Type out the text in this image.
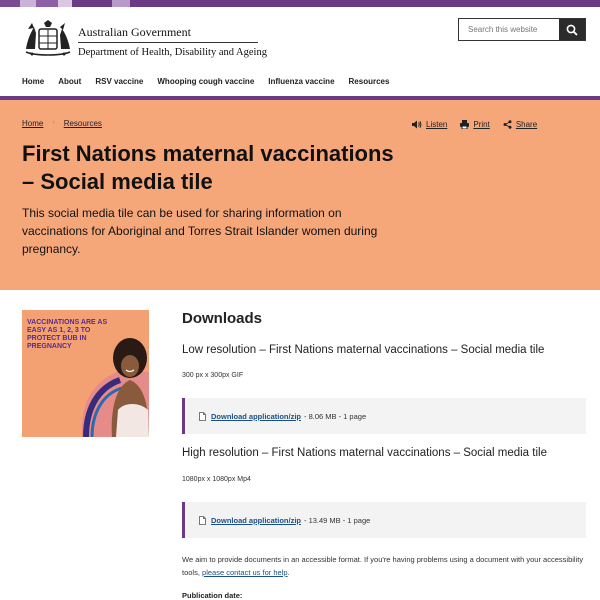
Australian Government
Department of Health, Disability and Ageing
Search this website
Home About RSV vaccine Whooping cough vaccine Influenza vaccine Resources
Home › Resources	Listen	Print	Share
First Nations maternal vaccinations – Social media tile

This social media tile can be used for sharing information on vaccinations for Aboriginal and Torres Strait Islander women during pregnancy.

VACCINATIONS ARE AS EASY AS 1, 2, 3 TO PROTECT BUB IN PREGNANCY
Downloads
Low resolution – First Nations maternal vaccinations – Social media tile
300 px x 300px GIF
Download application/zip - 8.06 MB - 1 page
High resolution – First Nations maternal vaccinations – Social media tile
1080px x 1080px Mp4
Download application/zip - 13.49 MB - 1 page

We aim to provide documents in an accessible format. If you're having problems using a document with your accessibility tools, please contact us for help.

Publication date:
